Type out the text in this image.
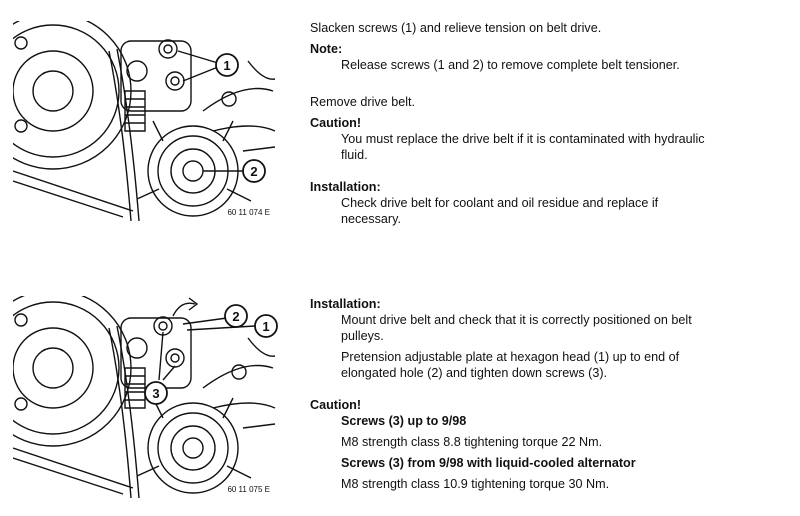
1
2
60 11 074 E
2
1
3
60 11 075 E

Slacken screws (1) and relieve tension on belt drive.

Note:

Release screws (1 and 2) to remove complete belt tensioner.

Remove drive belt.

Caution!

You must replace the drive belt if it is contaminated with hydraulic

fluid.

Installation:

Check drive belt for coolant and oil residue and replace if

necessary.

Installation:

Mount drive belt and check that it is correctly positioned on belt

pulleys.

Pretension adjustable plate at hexagon head (1) up to end of

elongated hole (2) and tighten down screws (3).

Caution!

Screws (3) up to 9/98

M8 strength class 8.8 tightening torque 22 Nm.

Screws (3) from 9/98 with liquid-cooled alternator

M8 strength class 10.9 tightening torque 30 Nm.
